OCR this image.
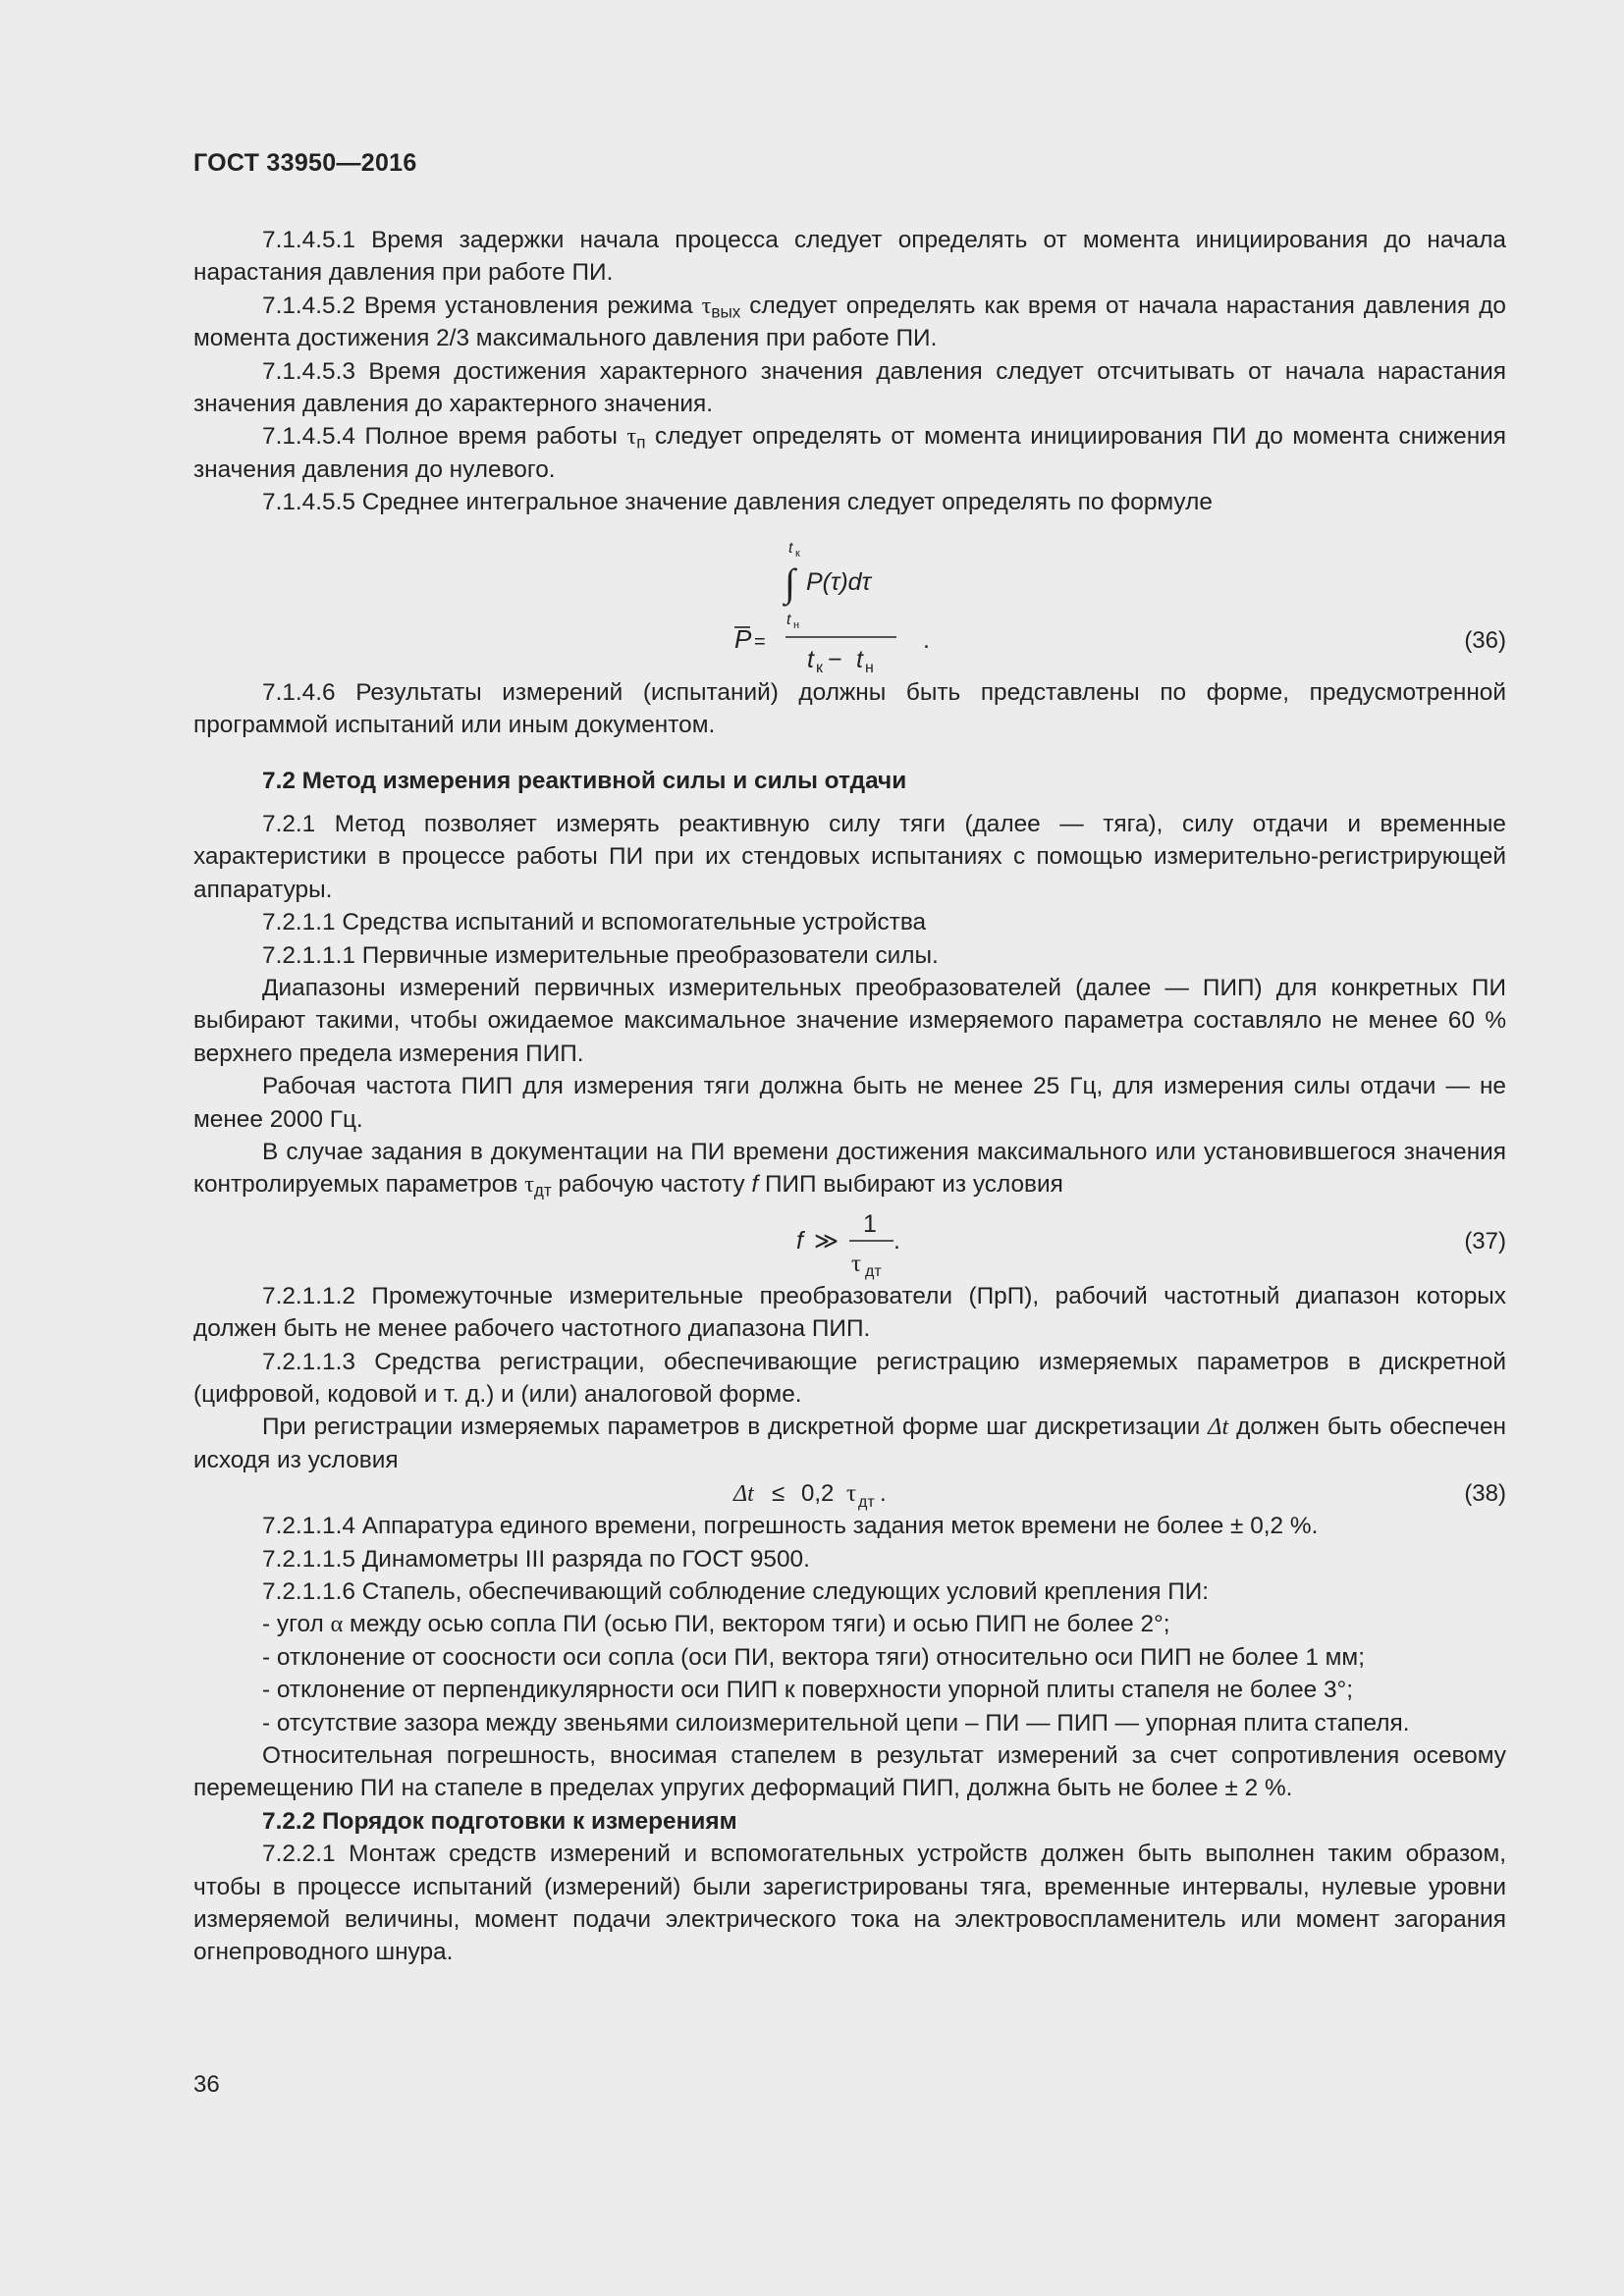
ГОСТ 33950—2016

7.1.4.5.1 Время задержки начала процесса следует определять от момента инициирования до начала нарастания давления при работе ПИ.

7.1.4.5.2 Время установления режима $\tau_{вых}$ следует определять как время от начала нарастания давления до момента достижения 2/3 максимального давления при работе ПИ.

7.1.4.5.3 Время достижения характерного значения давления следует отсчитывать от начала нарастания значения давления до характерного значения.

7.1.4.5.4 Полное время работы $\tau_п$ следует определять от момента инициирования ПИ до момента снижения значения давления до нулевого.

7.1.4.5.5 Среднее интегральное значение давления следует определять по формуле

t к
∫ P(τ)dτ
t н
P =
t к − t н
.	(36)

7.1.4.6 Результаты измерений (испытаний) должны быть представлены по форме, предусмотренной программой испытаний или иным документом.

7.2 Метод измерения реактивной силы и силы отдачи

7.2.1 Метод позволяет измерять реактивную силу тяги (далее — тяга), силу отдачи и временные характеристики в процессе работы ПИ при их стендовых испытаниях с помощью измерительно-регистрирующей аппаратуры.

7.2.1.1 Средства испытаний и вспомогательные устройства

7.2.1.1.1 Первичные измерительные преобразователи силы.

Диапазоны измерений первичных измерительных преобразователей (далее — ПИП) для конкретных ПИ выбирают такими, чтобы ожидаемое максимальное значение измеряемого параметра составляло не менее 60 % верхнего предела измерения ПИП.

Рабочая частота ПИП для измерения тяги должна быть не менее 25 Гц, для измерения силы отдачи — не менее 2000 Гц.

В случае задания в документации на ПИ времени достижения максимального или установившегося значения контролируемых параметров $\tau_{дт}$ рабочую частоту f ПИП выбирают из условия

f ≫
1
τ дт
.	(37)

7.2.1.1.2 Промежуточные измерительные преобразователи (ПрП), рабочий частотный диапазон которых должен быть не менее рабочего частотного диапазона ПИП.

7.2.1.1.3 Средства регистрации, обеспечивающие регистрацию измеряемых параметров в дискретной (цифровой, кодовой и т. д.) и (или) аналоговой форме.

При регистрации измеряемых параметров в дискретной форме шаг дискретизации Δt должен быть обеспечен исходя из условия

Δt ≤ 0,2 τ дт .	(38)

7.2.1.1.4 Аппаратура единого времени, погрешность задания меток времени не более ± 0,2 %.

7.2.1.1.5 Динамометры III разряда по ГОСТ 9500.

7.2.1.1.6 Стапель, обеспечивающий соблюдение следующих условий крепления ПИ:

- угол α между осью сопла ПИ (осью ПИ, вектором тяги) и осью ПИП не более 2°;

- отклонение от соосности оси сопла (оси ПИ, вектора тяги) относительно оси ПИП не более 1 мм;

- отклонение от перпендикулярности оси ПИП к поверхности упорной плиты стапеля не более 3°;

- отсутствие зазора между звеньями силоизмерительной цепи – ПИ — ПИП — упорная плита стапеля.

Относительная погрешность, вносимая стапелем в результат измерений за счет сопротивления осевому перемещению ПИ на стапеле в пределах упругих деформаций ПИП, должна быть не более ± 2 %.

7.2.2 Порядок подготовки к измерениям

7.2.2.1 Монтаж средств измерений и вспомогательных устройств должен быть выполнен таким образом, чтобы в процессе испытаний (измерений) были зарегистрированы тяга, временные интервалы, нулевые уровни измеряемой величины, момент подачи электрического тока на электровоспламенитель или момент загорания огнепроводного шнура.

36
